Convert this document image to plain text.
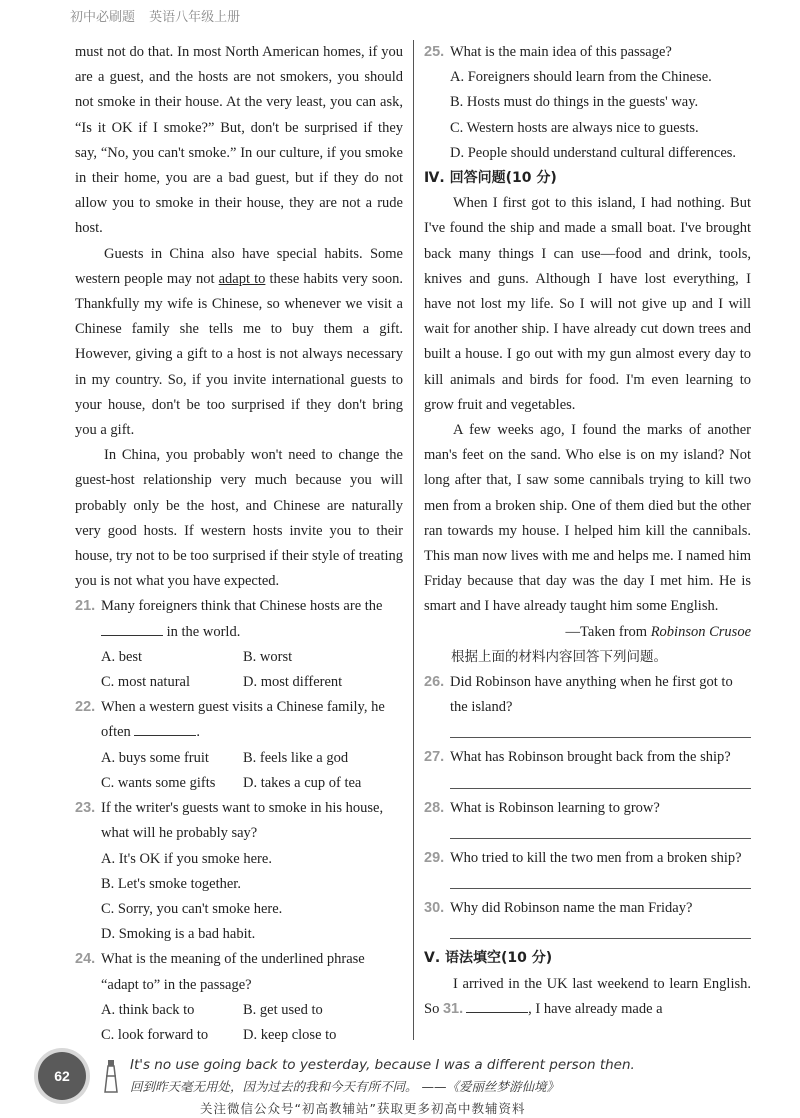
初中必刷题 英语八年级上册

must not do that. In most North American homes, if you are a guest, and the hosts are not smokers, you should not smoke in their house. At the very least, you can ask, “Is it OK if I smoke?” But, don't be surprised if they say, “No, you can't smoke.” In our culture, if you smoke in their home, you are a bad guest, but if they do not allow you to smoke in their house, they are not a rude host.

Guests in China also have special habits. Some western people may not adapt to these habits very soon. Thankfully my wife is Chinese, so whenever we visit a Chinese family she tells me to buy them a gift. However, giving a gift to a host is not always necessary in my country. So, if you invite international guests to your house, don't be too surprised if they don't bring you a gift.

In China, you probably won't need to change the guest-host relationship very much because you will probably only be the host, and Chinese are naturally very good hosts. If western hosts invite you to their house, try not to be too surprised if their style of treating you is not what you have expected.

21. Many foreigners think that Chinese hosts are the
in the world.
A. best	B. worst
C. most natural	D. most different
22. When a western guest visits a Chinese family, he often	.
A. buys some fruit	B. feels like a god
C. wants some gifts	D. takes a cup of tea
23. If the writer's guests want to smoke in his house, what will he probably say?
A. It's OK if you smoke here.
B. Let's smoke together.
C. Sorry, you can't smoke here.
D. Smoking is a bad habit.
24. What is the meaning of the underlined phrase “adapt to” in the passage?
A. think back to	B. get used to
C. look forward to	D. keep close to
25. What is the main idea of this passage?
A. Foreigners should learn from the Chinese.
B. Hosts must do things in the guests' way.
C. Western hosts are always nice to guests.
D. People should understand cultural differences.
Ⅳ. 回答问题(10 分)

When I first got to this island, I had nothing. But I've found the ship and made a small boat. I've brought back many things I can use—food and drink, tools, knives and guns. Although I have lost everything, I have not lost my life. So I will not give up and I will wait for another ship. I have already cut down trees and built a house. I go out with my gun almost every day to kill animals and birds for food. I'm even learning to grow fruit and vegetables.

A few weeks ago, I found the marks of another man's feet on the sand. Who else is on my island? Not long after that, I saw some cannibals trying to kill two men from a broken ship. One of them died but the other ran towards my house. I helped him kill the cannibals. This man now lives with me and helps me. I named him Friday because that day was the day I met him. He is smart and I have already taught him some English.

—Taken from Robinson Crusoe
根据上面的材料内容回答下列问题。
26. Did Robinson have anything when he first got to the island?
27. What has Robinson brought back from the ship?
28. What is Robinson learning to grow?
29. Who tried to kill the two men from a broken ship?
30. Why did Robinson name the man Friday?
Ⅴ. 语法填空(10 分)

I arrived in the UK last weekend to learn English. So 31.	, I have already made a

62
It's no use going back to yesterday, because I was a different person then.
回到昨天毫无用处，因为过去的我和今天有所不同。 ——《爱丽丝梦游仙境》
关注微信公众号“初高教辅站”获取更多初高中教辅资料
